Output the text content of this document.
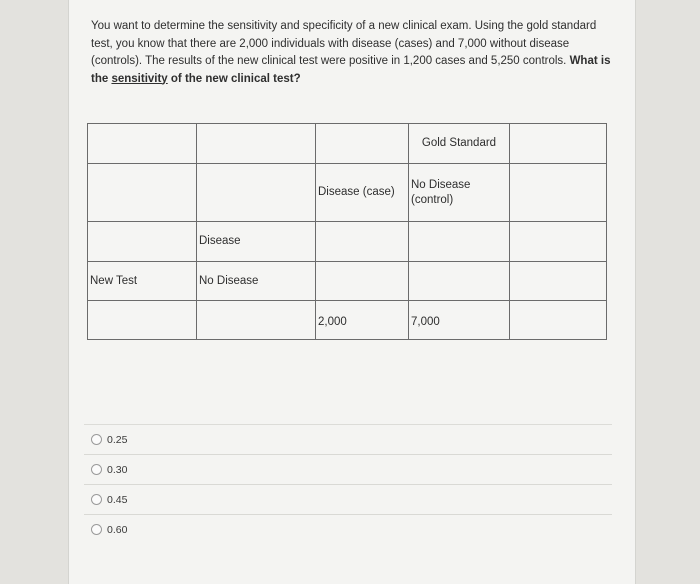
You want to determine the sensitivity and specificity of a new clinical exam. Using the gold standard test, you know that there are 2,000 individuals with disease (cases) and 7,000 without disease (controls). The results of the new clinical test were positive in 1,200 cases and 5,250 controls. What is the sensitivity of the new clinical test?
			Gold Standard	
		Disease (case)	No Disease (control)	
	Disease			
New Test	No Disease			
		2,000	7,000	
0.25
0.30
0.45
0.60
